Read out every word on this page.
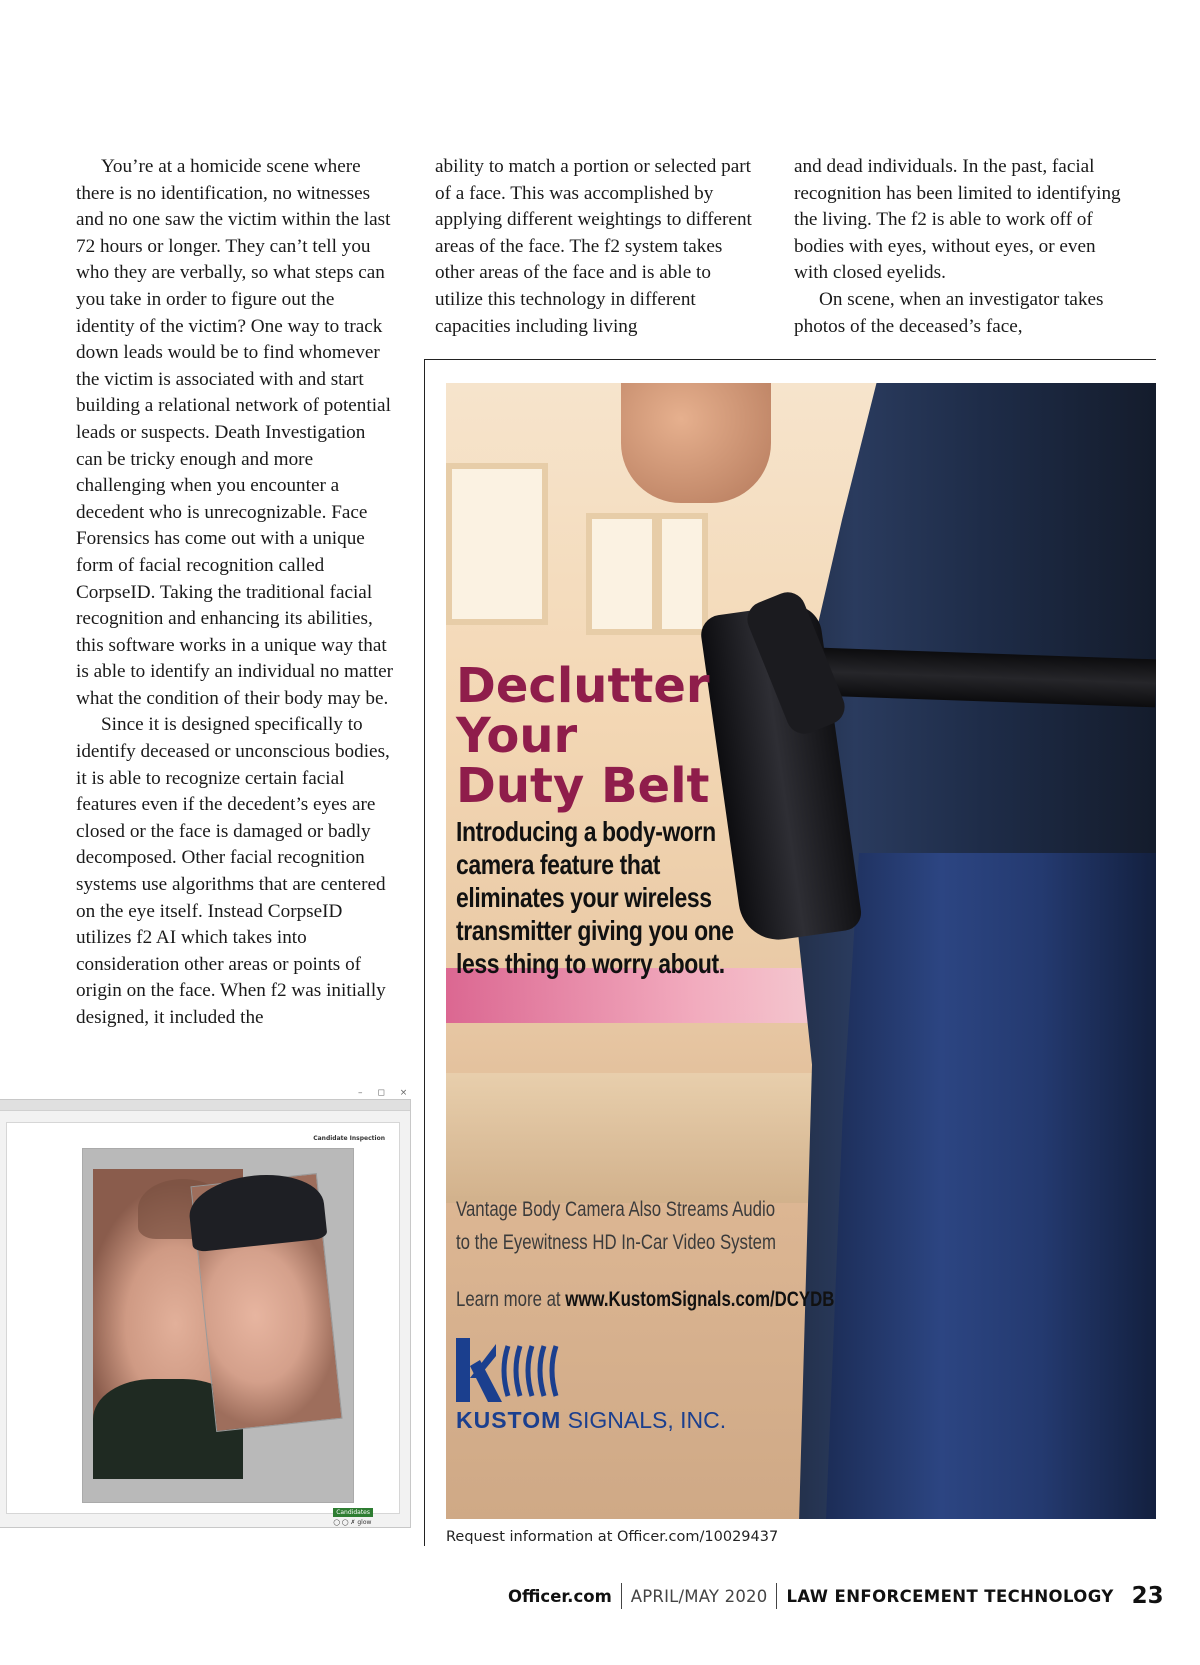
You’re at a homicide scene where there is no identification, no witnesses and no one saw the victim within the last 72 hours or longer. They can’t tell you who they are verbally, so what steps can you take in order to figure out the identity of the victim? One way to track down leads would be to find whomever the victim is associated with and start building a relational network of potential leads or suspects. Death Investigation can be tricky enough and more challenging when you encounter a decedent who is unrecognizable. Face Forensics has come out with a unique form of facial recognition called CorpseID. Taking the traditional facial recognition and enhancing its abilities, this software works in a unique way that is able to identify an individual no matter what the condition of their body may be.

Since it is designed specifically to identify deceased or unconscious bodies, it is able to recognize certain facial features even if the decedent’s eyes are closed or the face is damaged or badly decomposed. Other facial recognition systems use algorithms that are centered on the eye itself. Instead CorpseID utilizes f2 AI which takes into consideration other areas or points of origin on the face. When f2 was initially designed, it included the

ability to match a portion or selected part of a face. This was accomplished by applying different weightings to different areas of the face. The f2 system takes other areas of the face and is able to utilize this technology in different capacities including living

and dead individuals. In the past, facial recognition has been limited to identifying the living. The f2 is able to work off of bodies with eyes, without eyes, or even with closed eyelids.

On scene, when an investigator takes photos of the deceased’s face,

– ◻ ×
Candidate Inspection
Candidates
◯ ◯ ✗ glow
Declutter
Your
Duty Belt

Introducing a body-worn camera feature that eliminates your wireless transmitter giving you one less thing to worry about.

Vantage Body Camera Also Streams Audio to the Eyewitness HD In-Car Video System

Learn more at www.KustomSignals.com/DCYDB
KUSTOM SIGNALS, INC.
Request information at Officer.com/10029437
Officer.com APRIL/MAY 2020 LAW ENFORCEMENT TECHNOLOGY 23
